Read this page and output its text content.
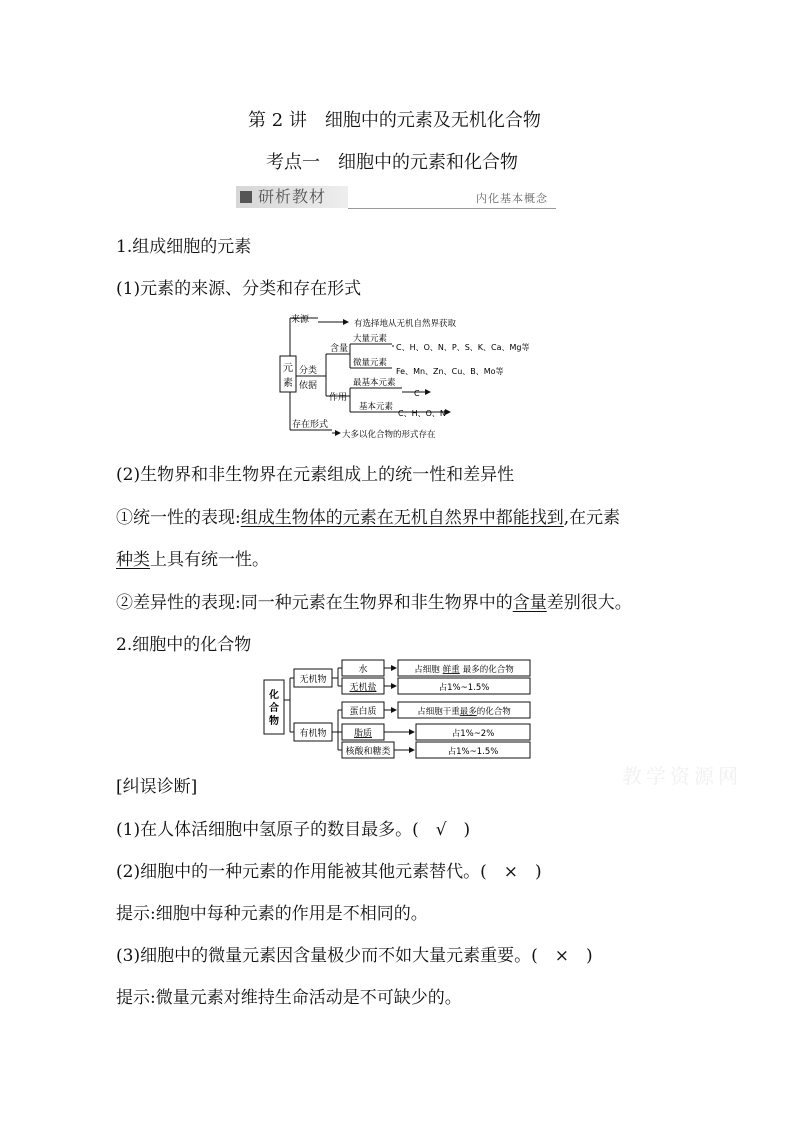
第 2 讲　细胞中的元素及无机化合物
考点一　细胞中的元素和化合物
研析教材	内化基本概念
1.组成细胞的元素
(1)元素的来源、分类和存在形式
元
素
来源	有选择地从无机自然界获取
分类
依据
含量
大量元素
C、H、O、N、P、S、K、Ca、Mg等
微量元素
Fe、Mn、Zn、Cu、B、Mo等
作用
最基本元素
C
基本元素
C、H、O、N
存在形式
大多以化合物的形式存在
(2)生物界和非生物界在元素组成上的统一性和差异性
①统一性的表现:组成生物体的元素在无机自然界中都能找到,在元素
种类上具有统一性。
②差异性的表现:同一种元素在生物界和非生物界中的含量差别很大。
2.细胞中的化合物
化
合
物
无机物
有机物
水	占细胞 鲜重 最多的化合物
无机盐	占1%~1.5%
蛋白质	占细胞干重最多的化合物
脂质	占1%~2%
核酸和糖类	占1%~1.5%
教学资源网
[纠误诊断]
(1)在人体活细胞中氢原子的数目最多。(　√　)
(2)细胞中的一种元素的作用能被其他元素替代。(　×　)
提示:细胞中每种元素的作用是不相同的。
(3)细胞中的微量元素因含量极少而不如大量元素重要。(　×　)
提示:微量元素对维持生命活动是不可缺少的。
